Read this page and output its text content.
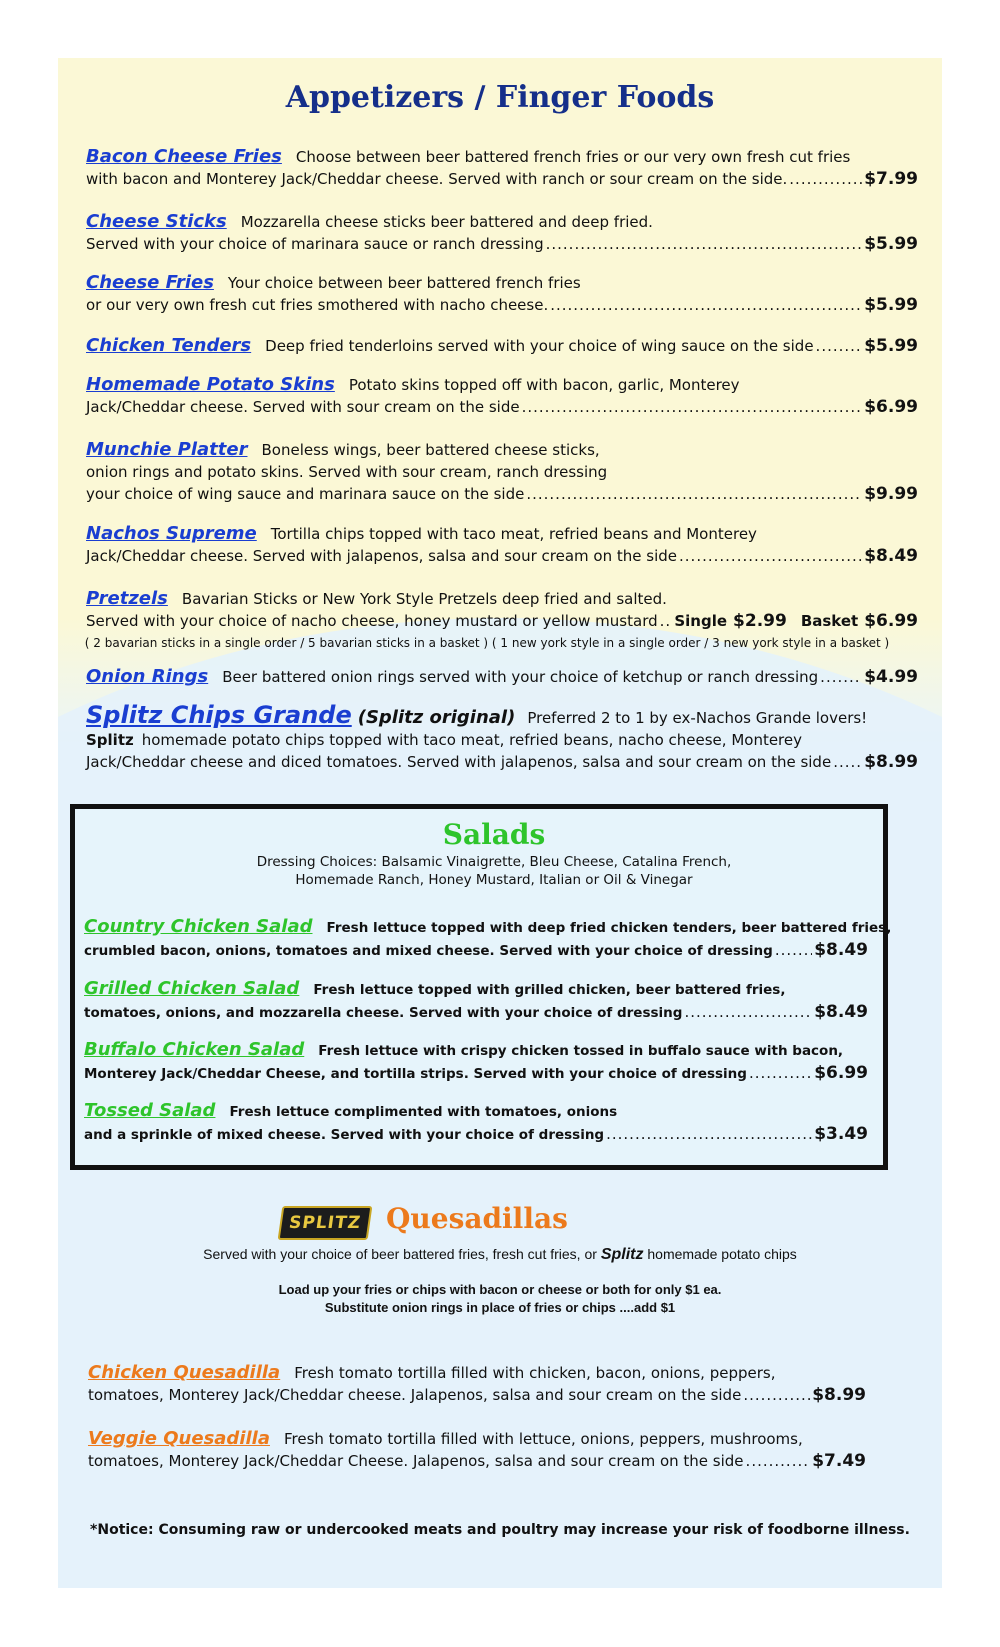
Appetizers / Finger Foods
Bacon Cheese Fries Choose between beer battered french fries or our very own fresh cut fries
with bacon and Monterey Jack/Cheddar cheese. Served with ranch or sour cream on the side. .....	$7.99
Cheese Sticks Mozzarella cheese sticks beer battered and deep fried.
Served with your choice of marinara sauce or ranch dressing .....	$5.99
Cheese Fries Your choice between beer battered french fries
or our very own fresh cut fries smothered with nacho cheese. .....	$5.99
Chicken Tenders Deep fried tenderloins served with your choice of wing sauce on the side .....	$5.99
Homemade Potato Skins Potato skins topped off with bacon, garlic, Monterey
Jack/Cheddar cheese. Served with sour cream on the side .....	$6.99
Munchie Platter Boneless wings, beer battered cheese sticks,
onion rings and potato skins. Served with sour cream, ranch dressing
your choice of wing sauce and marinara sauce on the side .....	$9.99
Nachos Supreme Tortilla chips topped with taco meat, refried beans and Monterey
Jack/Cheddar cheese. Served with jalapenos, salsa and sour cream on the side .....	$8.49
Pretzels Bavarian Sticks or New York Style Pretzels deep fried and salted.
Served with your choice of nacho cheese, honey mustard or yellow mustard ..... Single $2.99 Basket $6.99
( 2 bavarian sticks in a single order / 5 bavarian sticks in a basket ) ( 1 new york style in a single order / 3 new york style in a basket )
Onion Rings Beer battered onion rings served with your choice of ketchup or ranch dressing .....	$4.99
Splitz Chips Grande (Splitz original) Preferred 2 to 1 by ex-Nachos Grande lovers!
Splitz homemade potato chips topped with taco meat, refried beans, nacho cheese, Monterey
Jack/Cheddar cheese and diced tomatoes. Served with jalapenos, salsa and sour cream on the side ..... $8.99
Salads
Dressing Choices: Balsamic Vinaigrette, Bleu Cheese, Catalina French,
Homemade Ranch, Honey Mustard, Italian or Oil & Vinegar
Country Chicken Salad Fresh lettuce topped with deep fried chicken tenders, beer battered fries,
crumbled bacon, onions, tomatoes and mixed cheese. Served with your choice of dressing ..... $8.49
Grilled Chicken Salad Fresh lettuce topped with grilled chicken, beer battered fries,
tomatoes, onions, and mozzarella cheese. Served with your choice of dressing .....	$8.49
Buffalo Chicken Salad Fresh lettuce with crispy chicken tossed in buffalo sauce with bacon,
Monterey Jack/Cheddar Cheese, and tortilla strips. Served with your choice of dressing .....	$6.99
Tossed Salad Fresh lettuce complimented with tomatoes, onions
and a sprinkle of mixed cheese. Served with your choice of dressing .....	$3.49
SPLITZ Quesadillas
Served with your choice of beer battered fries, fresh cut fries, or Splitz homemade potato chips
Load up your fries or chips with bacon or cheese or both for only $1 ea.
Substitute onion rings in place of fries or chips ....add $1
Chicken Quesadilla Fresh tomato tortilla filled with chicken, bacon, onions, peppers,
tomatoes, Monterey Jack/Cheddar cheese. Jalapenos, salsa and sour cream on the side .....	$8.99
Veggie Quesadilla Fresh tomato tortilla filled with lettuce, onions, peppers, mushrooms,
tomatoes, Monterey Jack/Cheddar Cheese. Jalapenos, salsa and sour cream on the side .....	$7.49
*Notice: Consuming raw or undercooked meats and poultry may increase your risk of foodborne illness.
